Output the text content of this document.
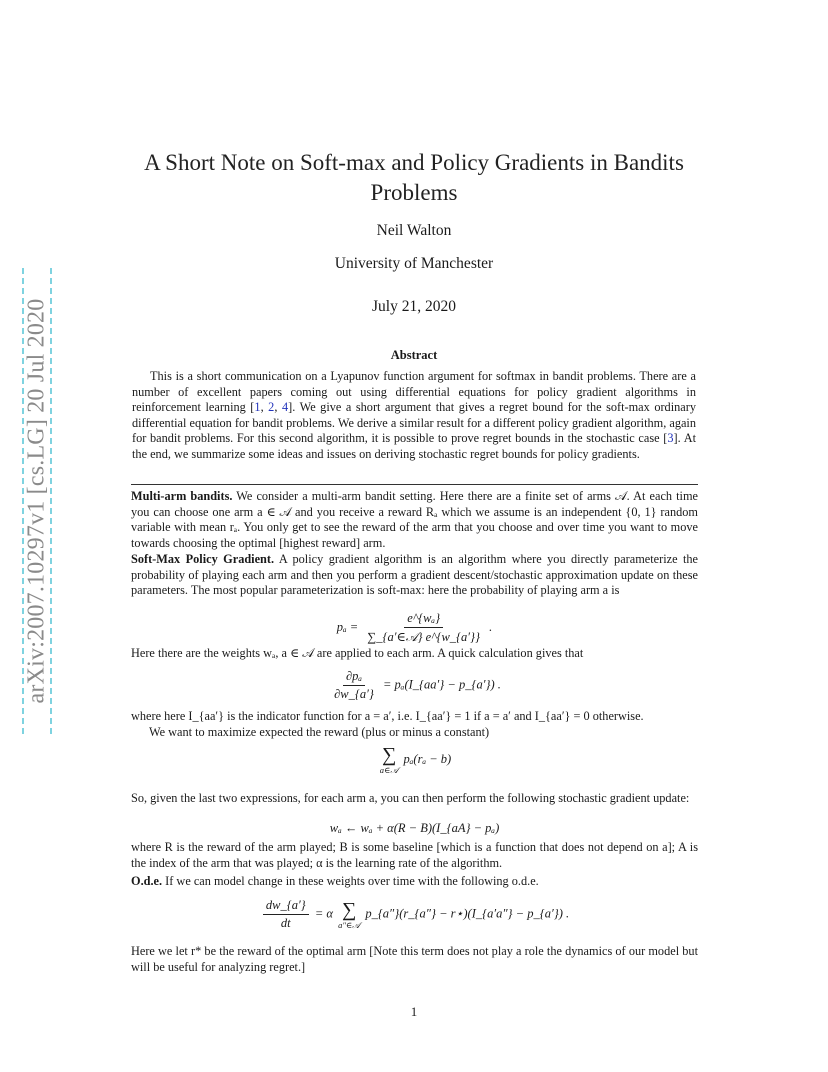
arXiv:2007.10297v1 [cs.LG] 20 Jul 2020
A Short Note on Soft-max and Policy Gradients in Bandits Problems
Neil Walton
University of Manchester
July 21, 2020
Abstract

This is a short communication on a Lyapunov function argument for softmax in bandit problems. There are a number of excellent papers coming out using differential equations for policy gradient algorithms in reinforcement learning [1, 2, 4]. We give a short argument that gives a regret bound for the soft-max ordinary differential equation for bandit problems. We derive a similar result for a different policy gradient algorithm, again for bandit problems. For this second algorithm, it is possible to prove regret bounds in the stochastic case [3]. At the end, we summarize some ideas and issues on deriving stochastic regret bounds for policy gradients.

Multi-arm bandits. We consider a multi-arm bandit setting. Here there are a finite set of arms 𝒜. At each time you can choose one arm a ∈ 𝒜 and you receive a reward Rₐ which we assume is an independent {0, 1} random variable with mean rₐ. You only get to see the reward of the arm that you choose and over time you want to move towards choosing the optimal [highest reward] arm.

Soft-Max Policy Gradient. A policy gradient algorithm is an algorithm where you directly parameterize the probability of playing each arm and then you perform a gradient descent/stochastic approximation update on these parameters. The most popular parameterization is soft-max: here the probability of playing arm a is

$p_a = \frac{\text{e\textasciicircum{}\{wₐ\}}}{\text{∑\_\{a′∈𝒜\} e\textasciicircum{}\{w\_\{a′\}\}}}$ .

Here there are the weights wₐ, a ∈ 𝒜 are applied to each arm. A quick calculation gives that

$\frac{\text{∂pₐ}}{\partial w\_\{a'\}}$ = pₐ(I_{aa′} − p_{a′}) .

where here I_{aa′} is the indicator function for a = a′, i.e. I_{aa′} = 1 if a = a′ and I_{aa′} = 0 otherwise.

We want to maximize expected the reward (plus or minus a constant)

∑
a∈𝒜
pₐ(rₐ − b)

So, given the last two expressions, for each arm a, you can then perform the following stochastic gradient update:

wₐ ← wₐ + α(R − B)(I_{aA} − pₐ)

where R is the reward of the arm played; B is some baseline [which is a function that does not depend on a]; A is the index of the arm that was played; α is the learning rate of the algorithm.

O.d.e. If we can model change in these weights over time with the following o.d.e.

$\frac{dw\_\{a'\}}{dt} = \alpha$ ∑
a″∈𝒜
p_{a″}(r_{a″} − r⋆)(I_{a′a″} − p_{a′}) .

Here we let r* be the reward of the optimal arm [Note this term does not play a role the dynamics of our model but will be useful for analyzing regret.]

1
